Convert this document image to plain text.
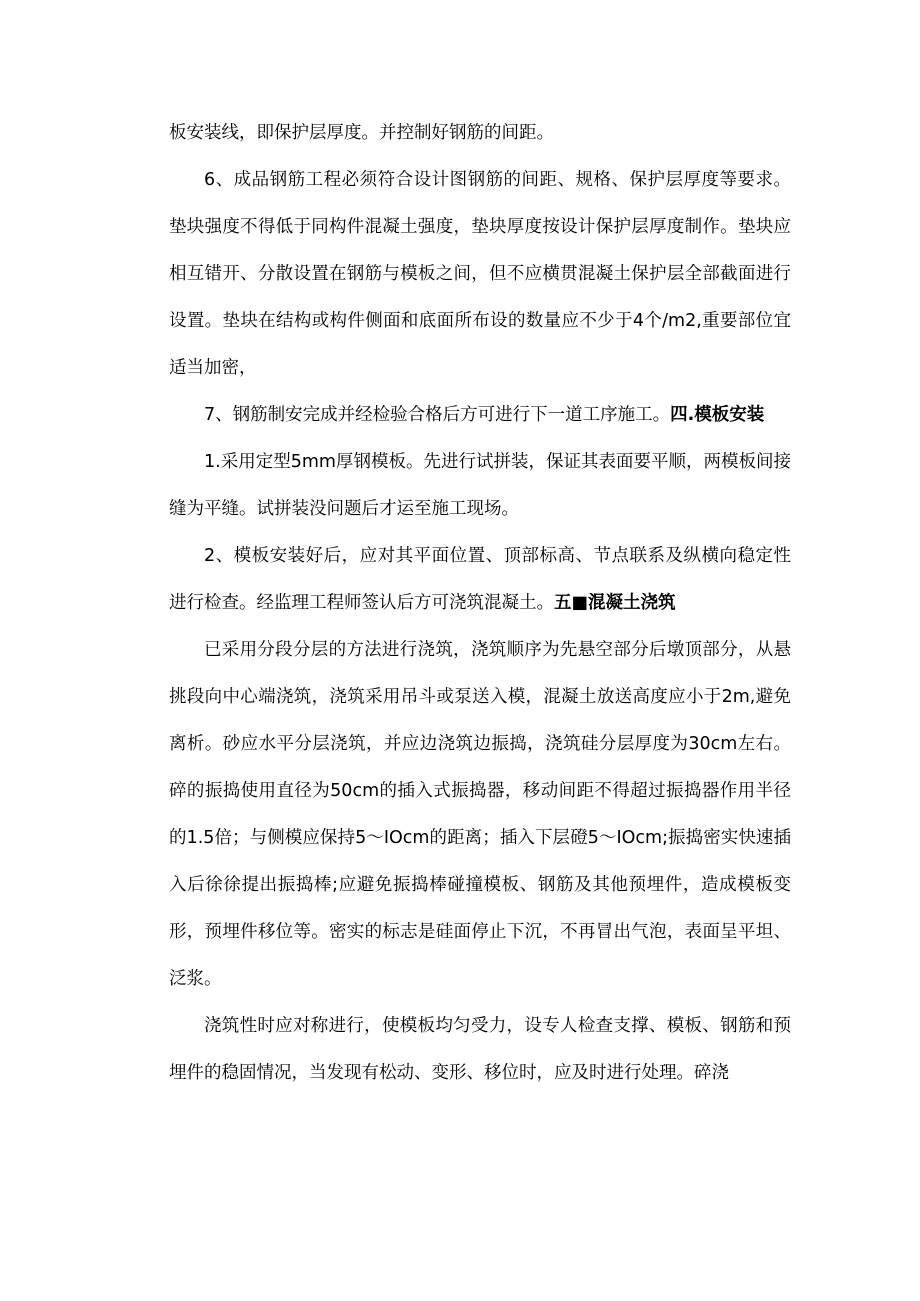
板安装线，即保护层厚度。并控制好钢筋的间距。

6、成品钢筋工程必须符合设计图钢筋的间距、规格、保护层厚度等要求。垫块强度不得低于同构件混凝土强度，垫块厚度按设计保护层厚度制作。垫块应相互错开、分散设置在钢筋与模板之间，但不应横贯混凝土保护层全部截面进行设置。垫块在结构或构件侧面和底面所布设的数量应不少于4个/m2,重要部位宜适当加密，

7、钢筋制安完成并经检验合格后方可进行下一道工序施工。四.模板安装

1.采用定型5mm厚钢模板。先进行试拼装，保证其表面要平顺，两模板间接缝为平缝。试拼装没问题后才运至施工现场。

2、模板安装好后，应对其平面位置、顶部标高、节点联系及纵横向稳定性进行检查。经监理工程师签认后方可浇筑混凝土。五■混凝土浇筑

已采用分段分层的方法进行浇筑，浇筑顺序为先悬空部分后墩顶部分，从悬挑段向中心端浇筑，浇筑采用吊斗或泵送入模，混凝土放送高度应小于2m,避免离析。砂应水平分层浇筑，并应边浇筑边振捣，浇筑硅分层厚度为30cm左右。碎的振捣使用直径为50cm的插入式振捣器，移动间距不得超过振捣器作用半径的1.5倍；与侧模应保持5～IOcm的距离；插入下层磴5～IOcm;振捣密实快速插入后徐徐提出振捣棒;应避免振捣棒碰撞模板、钢筋及其他预埋件，造成模板变形，预埋件移位等。密实的标志是硅面停止下沉，不再冒出气泡，表面呈平坦、泛浆。

浇筑性时应对称进行，使模板均匀受力，设专人检查支撑、模板、钢筋和预埋件的稳固情况，当发现有松动、变形、移位时，应及时进行处理。碎浇
